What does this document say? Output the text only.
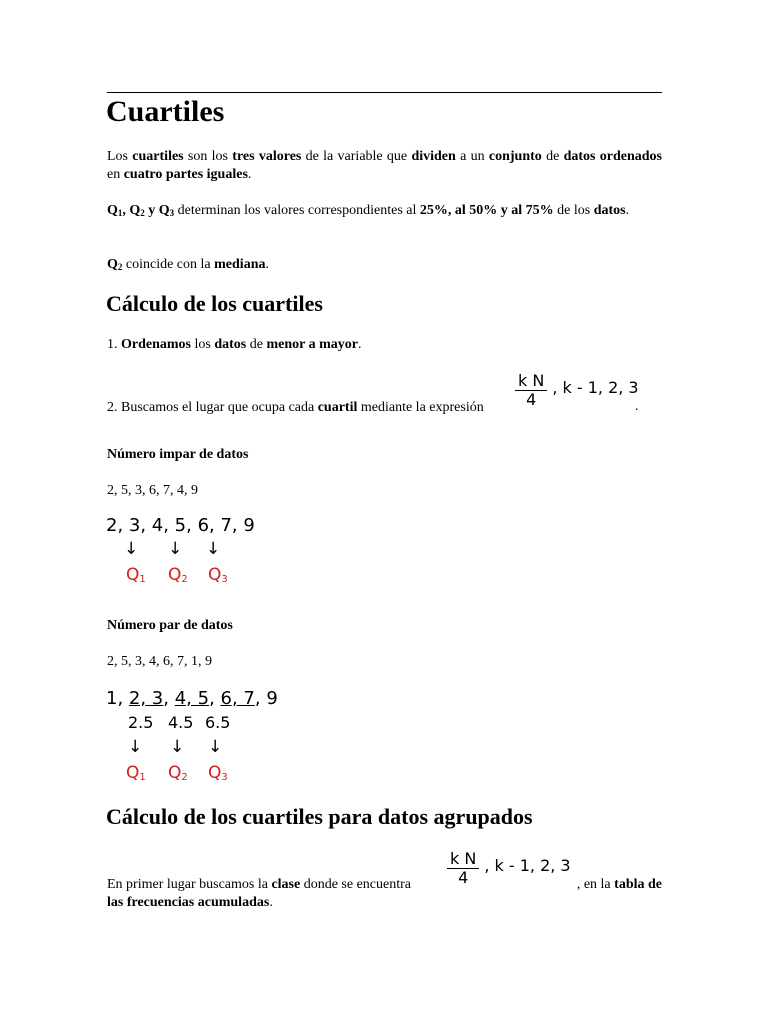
Cuartiles

Los cuartiles son los tres valores de la variable que dividen a un conjunto de datos ordenados en cuatro partes iguales.

$Q_1$, $Q_2$ y $Q_3$ determinan los valores correspondientes al 25%, al 50% y al 75% de los datos.

$Q_2$ coincide con la mediana.

Cálculo de los cuartiles

1. Ordenamos los datos de menor a mayor.

2. Buscamos el lugar que ocupa cada cuartil mediante la expresión	$\frac{\text{k N}}{4}$ , k - 1, 2, 3
.

Número impar de datos

2, 5, 3, 6, 7, 4, 9

2, 3, 4, 5, 6, 7, 9
↓ ↓ ↓
$Q_1$ $Q_2$ $Q_3$

Número par de datos

2, 5, 3, 4, 6, 7, 1, 9

1, 2, 3, 4, 5, 6, 7, 9
2.5 4.5 6.5
↓ ↓ ↓
$Q_1$ $Q_2$ $Q_3$
Cálculo de los cuartiles para datos agrupados
$\frac{\text{k N}}{4}$ , k - 1, 2, 3

En primer lugar buscamos la clase donde se encuentra	, en la tabla de

las frecuencias acumuladas.
